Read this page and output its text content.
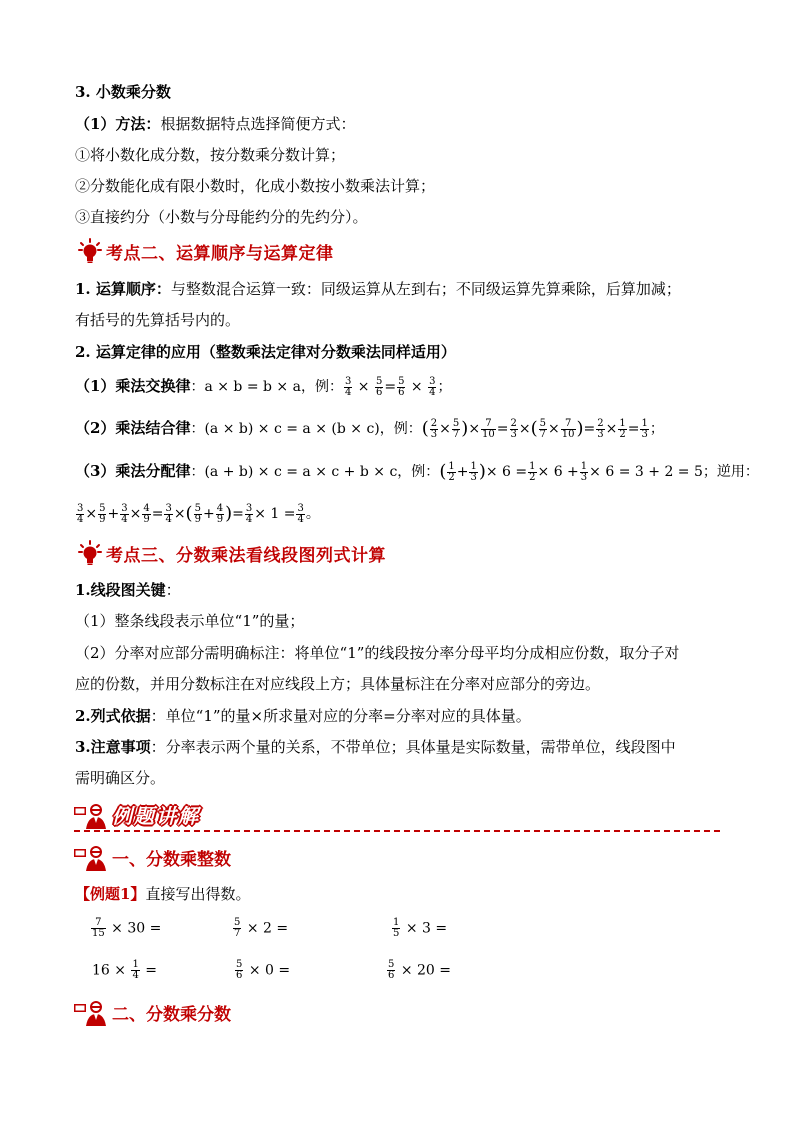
3. 小数乘分数
（1）方法：根据数据特点选择简便方式：
①将小数化成分数，按分数乘分数计算；
②分数能化成有限小数时，化成小数按小数乘法计算；
③直接约分（小数与分母能约分的先约分）。
考点二、运算顺序与运算定律
1. 运算顺序：与整数混合运算一致：同级运算从左到右；不同级运算先算乘除，后算加减；
有括号的先算括号内的。
2. 运算定律的应用（整数乘法定律对分数乘法同样适用）
（1）乘法交换律：a × b = b × a，例： $\frac{3}{4} \times \frac{5}{6} = \frac{5}{6} \times \frac{3}{4}$ ；
（2）乘法结合律：(a × b) × c = a × (b × c)，例：( $\frac{2}{3} \times \frac{5}{7}$ )× $\frac{7}{10} = \frac{2}{3}$ ×( $\frac{5}{7} \times \frac{7}{10}$ )= $\frac{2}{3} \times \frac{1}{2} = \frac{1}{3}$ ；
（3）乘法分配律：(a + b) × c = a × c + b × c，例：( $\frac{1}{2} + \frac{1}{3}$ )× $6 = \frac{1}{2} \times 6 + \frac{1}{3} \times 6 = 3 + 2 = 5$；逆用：
$\frac{3}{4} \times \frac{5}{9} + \frac{3}{4} \times \frac{4}{9} = \frac{3}{4}$ ×( $\frac{5}{9} + \frac{4}{9}$ )= $\frac{3}{4} \times 1 = \frac{3}{4}$ 。
考点三、分数乘法看线段图列式计算
1.线段图关键：
（1）整条线段表示单位“1”的量；
（2）分率对应部分需明确标注：将单位“1”的线段按分率分母平均分成相应份数，取分子对
应的份数，并用分数标注在对应线段上方；具体量标注在分率对应部分的旁边。
2.列式依据：单位“1”的量×所求量对应的分率=分率对应的具体量。
3.注意事项：分率表示两个量的关系，不带单位；具体量是实际数量，需带单位，线段图中
需明确区分。
例题讲解
一、分数乘整数
【例题1】直接写出得数。
$\frac{7}{15} \times 30$ =	$\frac{5}{7} \times 2$ =	$\frac{1}{5} \times 3$ =
$16 \times \frac{1}{4}$ =	$\frac{5}{6} \times 0$ =	$\frac{5}{6} \times 20$ =
二、分数乘分数
